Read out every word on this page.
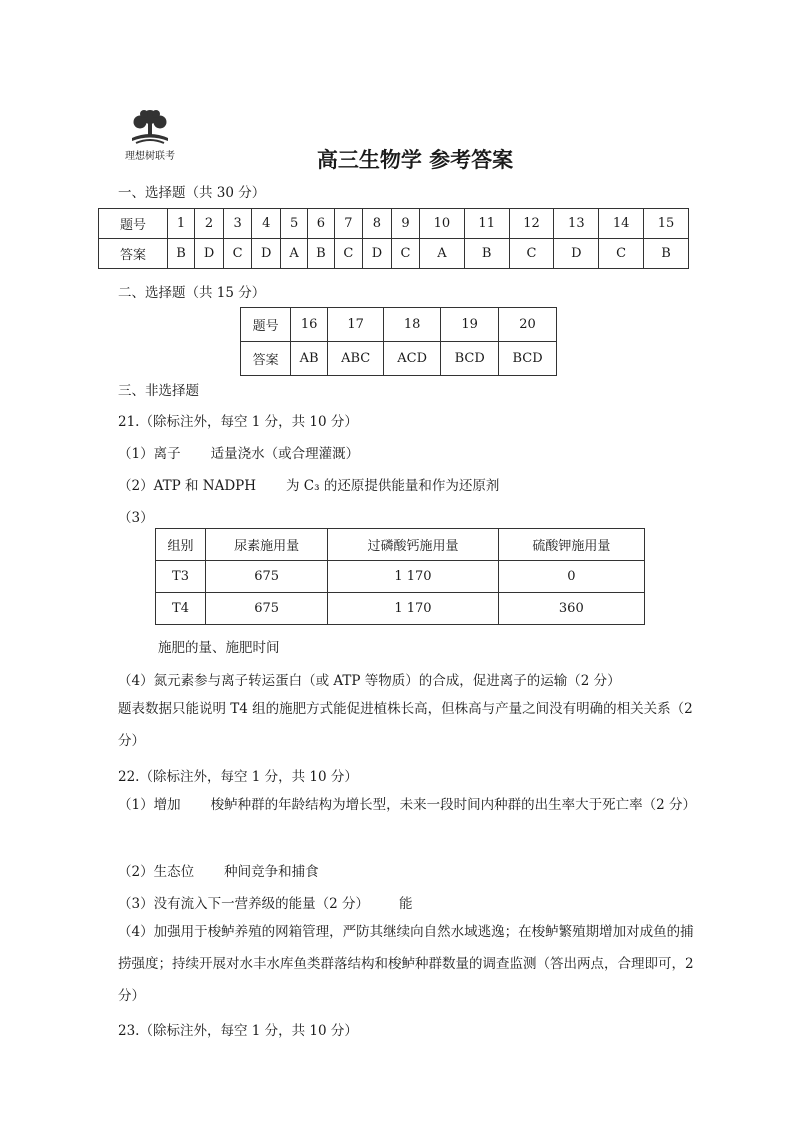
理想树联考	高三生物学 参考答案
一、选择题（共 30 分）
题号	1	2	3	4	5	6	7	8	9	10	11	12	13	14	15
答案	B	D	C	D	A	B	C	D	C	A	B	C	D	C	B
二、选择题（共 15 分）
题号	16	17	18	19	20
答案	AB	ABC	ACD	BCD	BCD
三、非选择题
21.（除标注外，每空 1 分，共 10 分）
（1）离子 适量浇水（或合理灌溉）
（2）ATP 和 NADPH 为 C₃ 的还原提供能量和作为还原剂
（3）
组别	尿素施用量	过磷酸钙施用量	硫酸钾施用量
T3	675	1 170	0
T4	675	1 170	360
施肥的量、施肥时间
（4）氮元素参与离子转运蛋白（或 ATP 等物质）的合成，促进离子的运输（2 分）
题表数据只能说明 T4 组的施肥方式能促进植株长高，但株高与产量之间没有明确的相关关系（2 分）
22.（除标注外，每空 1 分，共 10 分）
（1）增加 梭鲈种群的年龄结构为增长型，未来一段时间内种群的出生率大于死亡率（2 分）
（2）生态位 种间竞争和捕食
（3）没有流入下一营养级的能量（2 分） 能
（4）加强用于梭鲈养殖的网箱管理，严防其继续向自然水域逃逸；在梭鲈繁殖期增加对成鱼的捕捞强度；持续开展对水丰水库鱼类群落结构和梭鲈种群数量的调查监测（答出两点，合理即可，2 分）
23.（除标注外，每空 1 分，共 10 分）
